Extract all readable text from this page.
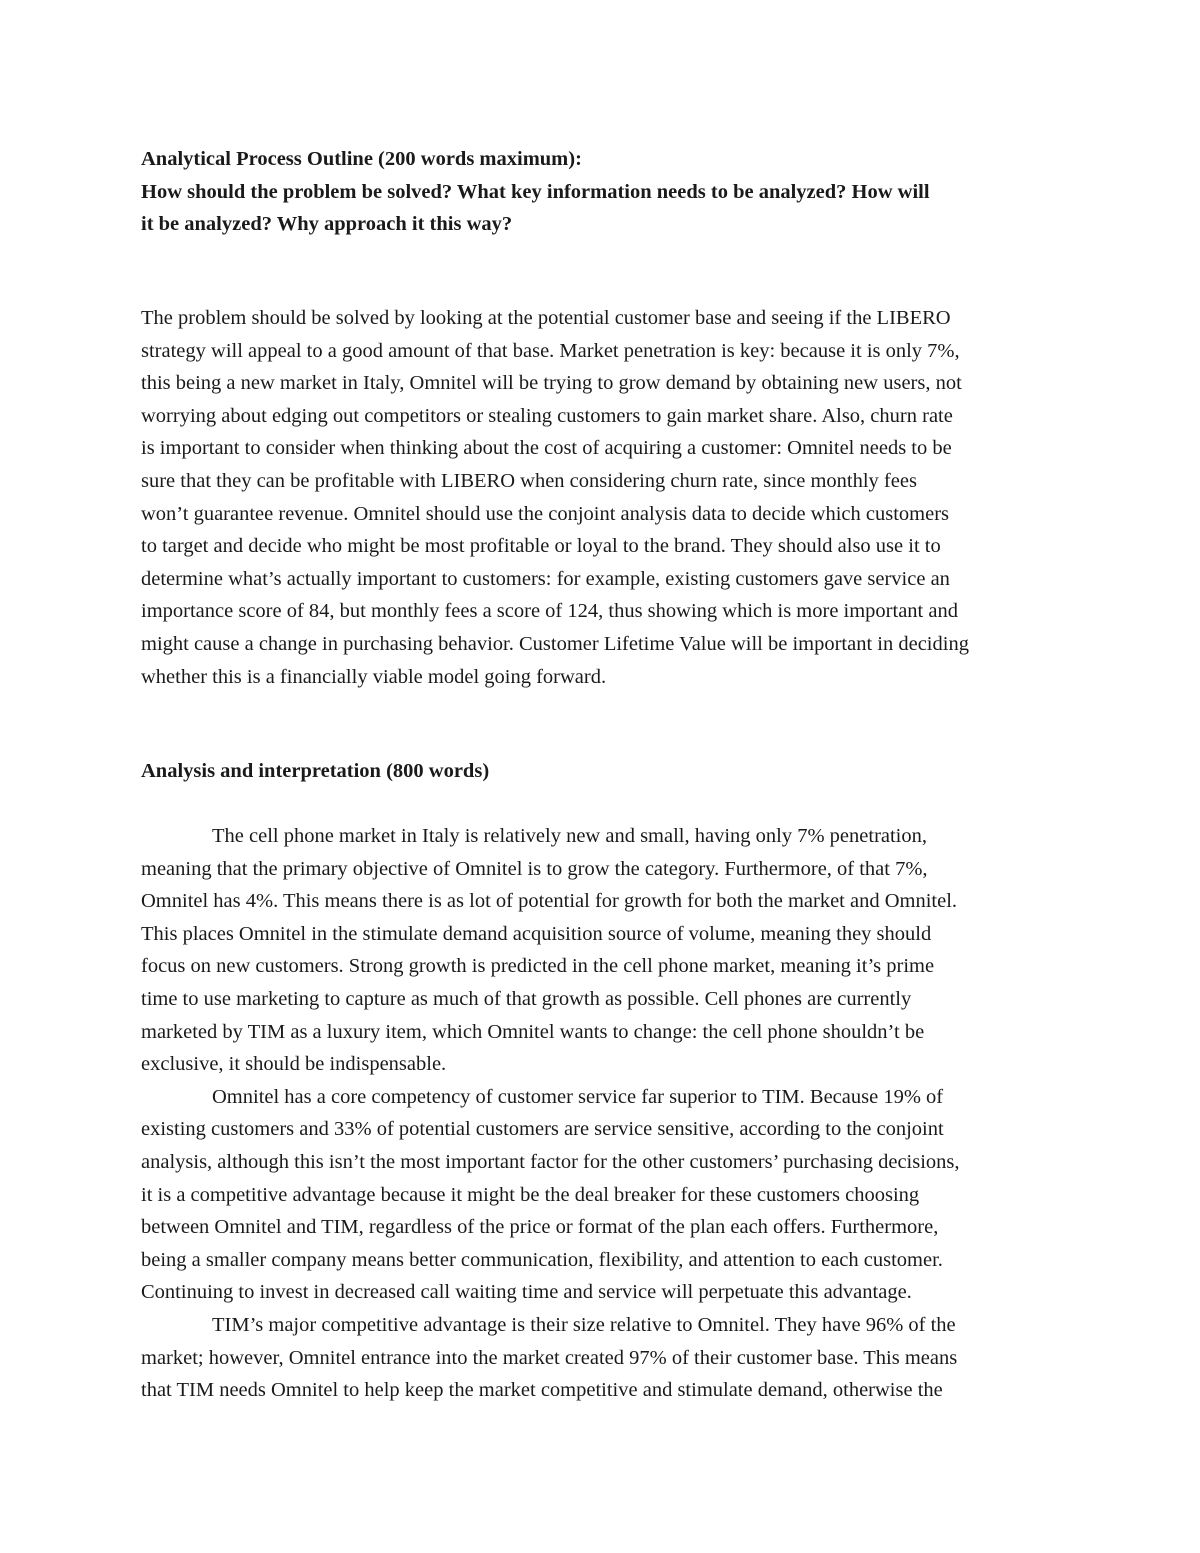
Analytical Process Outline (200 words maximum):
How should the problem be solved? What key information needs to be analyzed? How will
it be analyzed? Why approach it this way?
The problem should be solved by looking at the potential customer base and seeing if the LIBERO
strategy will appeal to a good amount of that base. Market penetration is key: because it is only 7%,
this being a new market in Italy, Omnitel will be trying to grow demand by obtaining new users, not
worrying about edging out competitors or stealing customers to gain market share. Also, churn rate
is important to consider when thinking about the cost of acquiring a customer: Omnitel needs to be
sure that they can be profitable with LIBERO when considering churn rate, since monthly fees
won’t guarantee revenue. Omnitel should use the conjoint analysis data to decide which customers
to target and decide who might be most profitable or loyal to the brand. They should also use it to
determine what’s actually important to customers: for example, existing customers gave service an
importance score of 84, but monthly fees a score of 124, thus showing which is more important and
might cause a change in purchasing behavior. Customer Lifetime Value will be important in deciding
whether this is a financially viable model going forward.
Analysis and interpretation (800 words)
The cell phone market in Italy is relatively new and small, having only 7% penetration,
meaning that the primary objective of Omnitel is to grow the category. Furthermore, of that 7%,
Omnitel has 4%. This means there is as lot of potential for growth for both the market and Omnitel.
This places Omnitel in the stimulate demand acquisition source of volume, meaning they should
focus on new customers. Strong growth is predicted in the cell phone market, meaning it’s prime
time to use marketing to capture as much of that growth as possible. Cell phones are currently
marketed by TIM as a luxury item, which Omnitel wants to change: the cell phone shouldn’t be
exclusive, it should be indispensable.
Omnitel has a core competency of customer service far superior to TIM. Because 19% of
existing customers and 33% of potential customers are service sensitive, according to the conjoint
analysis, although this isn’t the most important factor for the other customers’ purchasing decisions,
it is a competitive advantage because it might be the deal breaker for these customers choosing
between Omnitel and TIM, regardless of the price or format of the plan each offers. Furthermore,
being a smaller company means better communication, flexibility, and attention to each customer.
Continuing to invest in decreased call waiting time and service will perpetuate this advantage.
TIM’s major competitive advantage is their size relative to Omnitel. They have 96% of the
market; however, Omnitel entrance into the market created 97% of their customer base. This means
that TIM needs Omnitel to help keep the market competitive and stimulate demand, otherwise the
